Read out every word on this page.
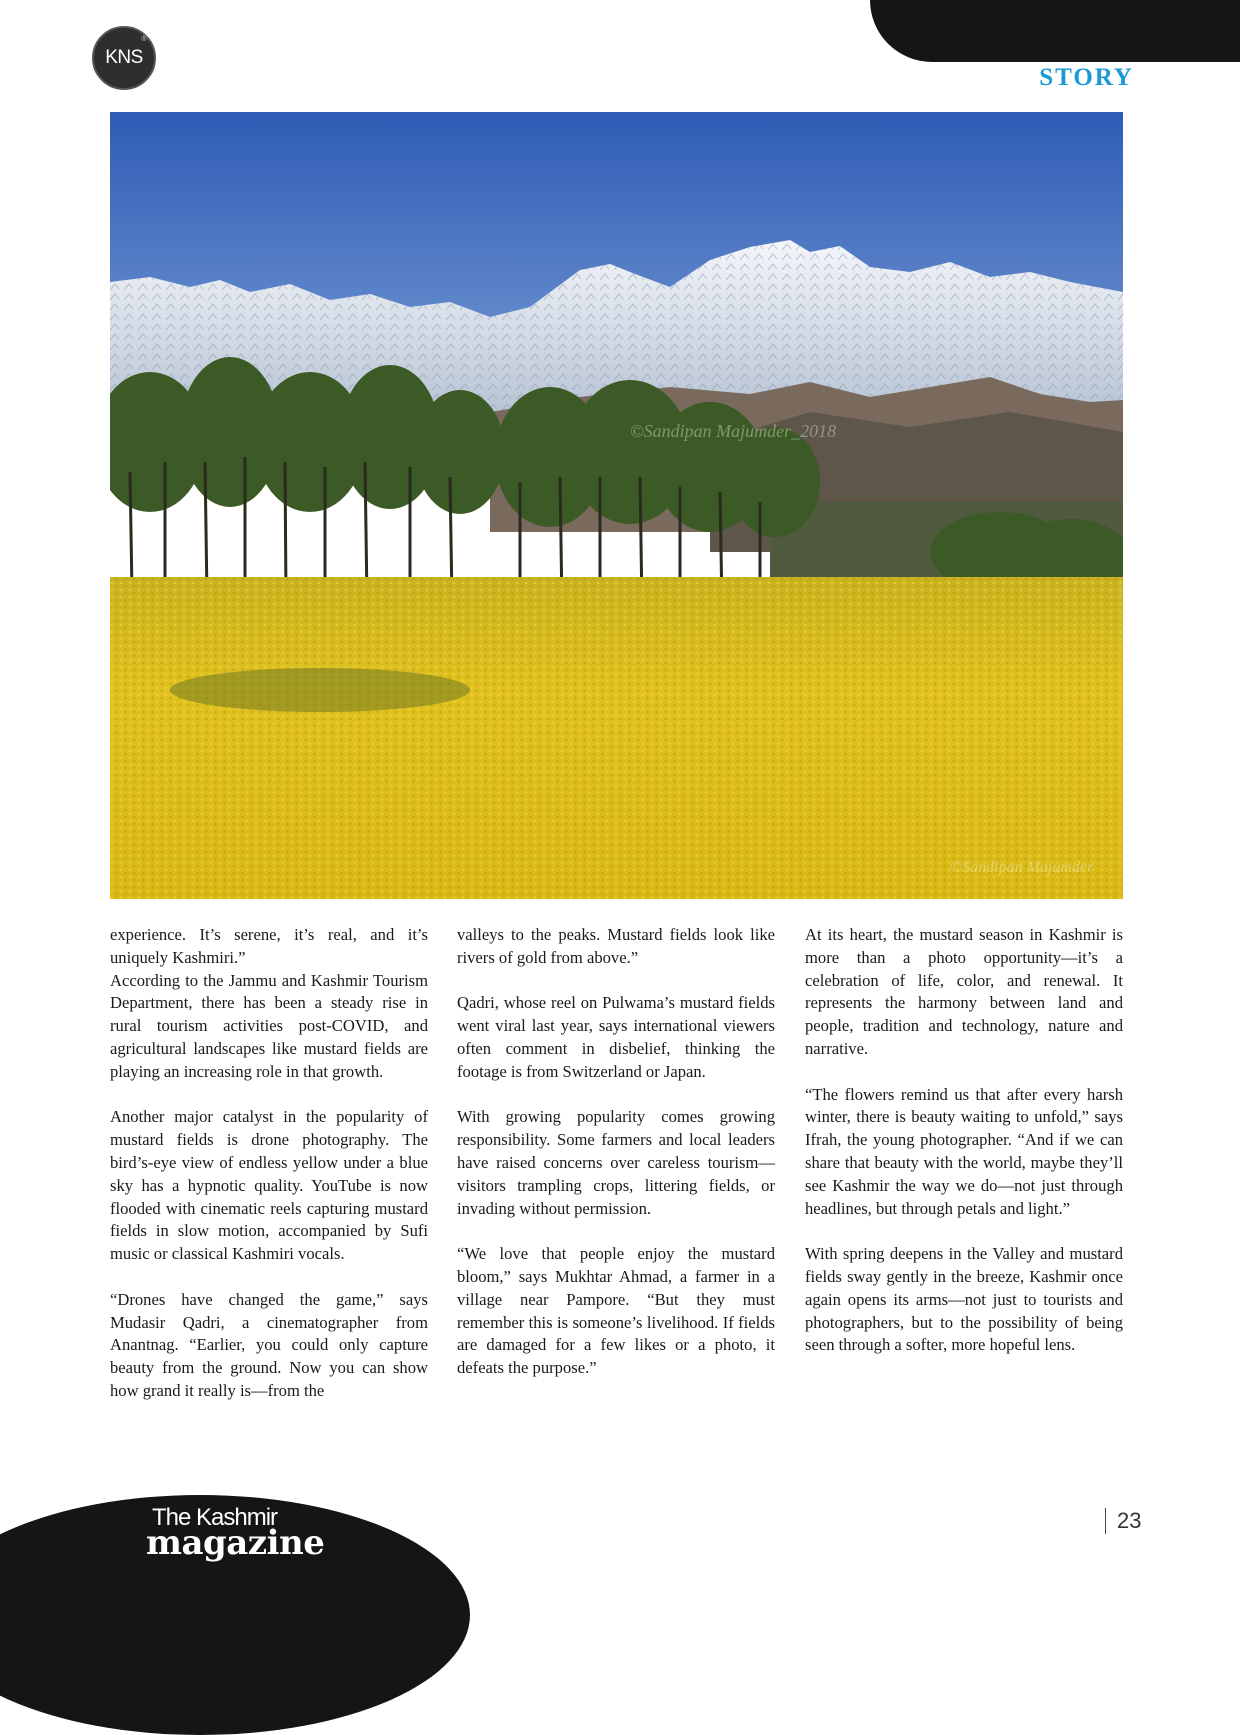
KNS
®
STORY
©Sandipan Majumder_2018
©Sandipan Majumder

experience. It’s serene, it’s real, and it’s uniquely Kashmiri.”

According to the Jammu and Kashmir Tourism Department, there has been a steady rise in rural tourism activities post-COVID, and agricultural landscapes like mustard fields are playing an increasing role in that growth.

Another major catalyst in the popularity of mustard fields is drone photography. The bird’s-eye view of endless yellow under a blue sky has a hypnotic quality. YouTube is now flooded with cinematic reels capturing mustard fields in slow motion, accompanied by Sufi music or classical Kashmiri vocals.

“Drones have changed the game,” says Mudasir Qadri, a cinematographer from Anantnag. “Earlier, you could only capture beauty from the ground. Now you can show how grand it really is—from the

valleys to the peaks. Mustard fields look like rivers of gold from above.”

Qadri, whose reel on Pulwama’s mustard fields went viral last year, says international viewers often comment in disbelief, thinking the footage is from Switzerland or Japan.

With growing popularity comes growing responsibility. Some farmers and local leaders have raised concerns over careless tourism—visitors trampling crops, littering fields, or invading without permission.

“We love that people enjoy the mustard bloom,” says Mukhtar Ahmad, a farmer in a village near Pampore. “But they must remember this is someone’s livelihood. If fields are damaged for a few likes or a photo, it defeats the purpose.”

At its heart, the mustard season in Kashmir is more than a photo opportunity—it’s a celebration of life, color, and renewal. It represents the harmony between land and people, tradition and technology, nature and narrative.

“The flowers remind us that after every harsh winter, there is beauty waiting to unfold,” says Ifrah, the young photographer. “And if we can share that beauty with the world, maybe they’ll see Kashmir the way we do—not just through headlines, but through petals and light.”

With spring deepens in the Valley and mustard fields sway gently in the breeze, Kashmir once again opens its arms—not just to tourists and photographers, but to the possibility of being seen through a softer, more hopeful lens.

The Kashmir
magazine
23
